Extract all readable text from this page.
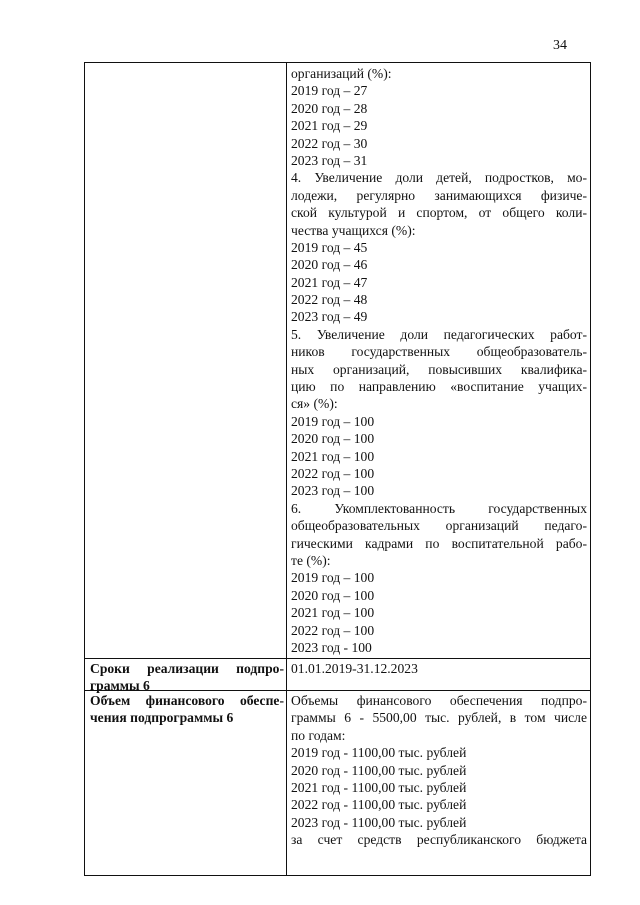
34
организаций (%):
2019 год – 27
2020 год – 28
2021 год – 29
2022 год – 30
2023 год – 31
4. Увеличение доли детей, подростков, мо-
лодежи, регулярно занимающихся физиче-
ской культурой и спортом, от общего коли-
чества учащихся (%):
2019 год – 45
2020 год – 46
2021 год – 47
2022 год – 48
2023 год – 49
5. Увеличение доли педагогических работ-
ников государственных общеобразователь-
ных организаций, повысивших квалифика-
цию по направлению «воспитание учащих-
ся» (%):
2019 год – 100
2020 год – 100
2021 год – 100
2022 год – 100
2023 год – 100
6. Укомплектованность государственных
общеобразовательных организаций педаго-
гическими кадрами по воспитательной рабо-
те (%):
2019 год – 100
2020 год – 100
2021 год – 100
2022 год – 100
2023 год - 100
Сроки реализации подпро-
граммы 6
01.01.2019-31.12.2023
Объем финансового обеспе-
чения подпрограммы 6
Объемы финансового обеспечения подпро-
граммы 6 - 5500,00 тыс. рублей, в том числе
по годам:
2019 год - 1100,00 тыс. рублей
2020 год - 1100,00 тыс. рублей
2021 год - 1100,00 тыс. рублей
2022 год - 1100,00 тыс. рублей
2023 год - 1100,00 тыс. рублей
за счет средств республиканского бюджета
